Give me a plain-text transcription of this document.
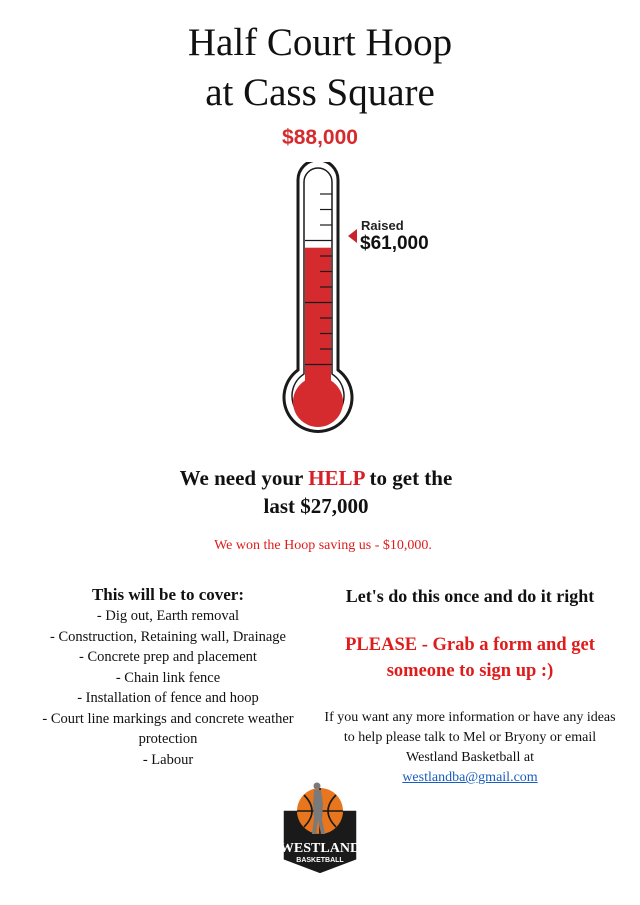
Half Court Hoop
at Cass Square
$88,000
Raised
$61,000
We need your HELP to get the
last $27,000
We won the Hoop saving us - $10,000.
This will be to cover:
- Dig out, Earth removal
- Construction, Retaining wall, Drainage
- Concrete prep and placement
- Chain link fence
- Installation of fence and hoop
- Court line markings and concrete weather protection
- Labour
Let's do this once and do it right
PLEASE - Grab a form and get someone to sign up :)
If you want any more information or have any ideas to help please talk to Mel or Bryony or email Westland Basketball at
westlandba@gmail.com
WESTLAND
BASKETBALL
